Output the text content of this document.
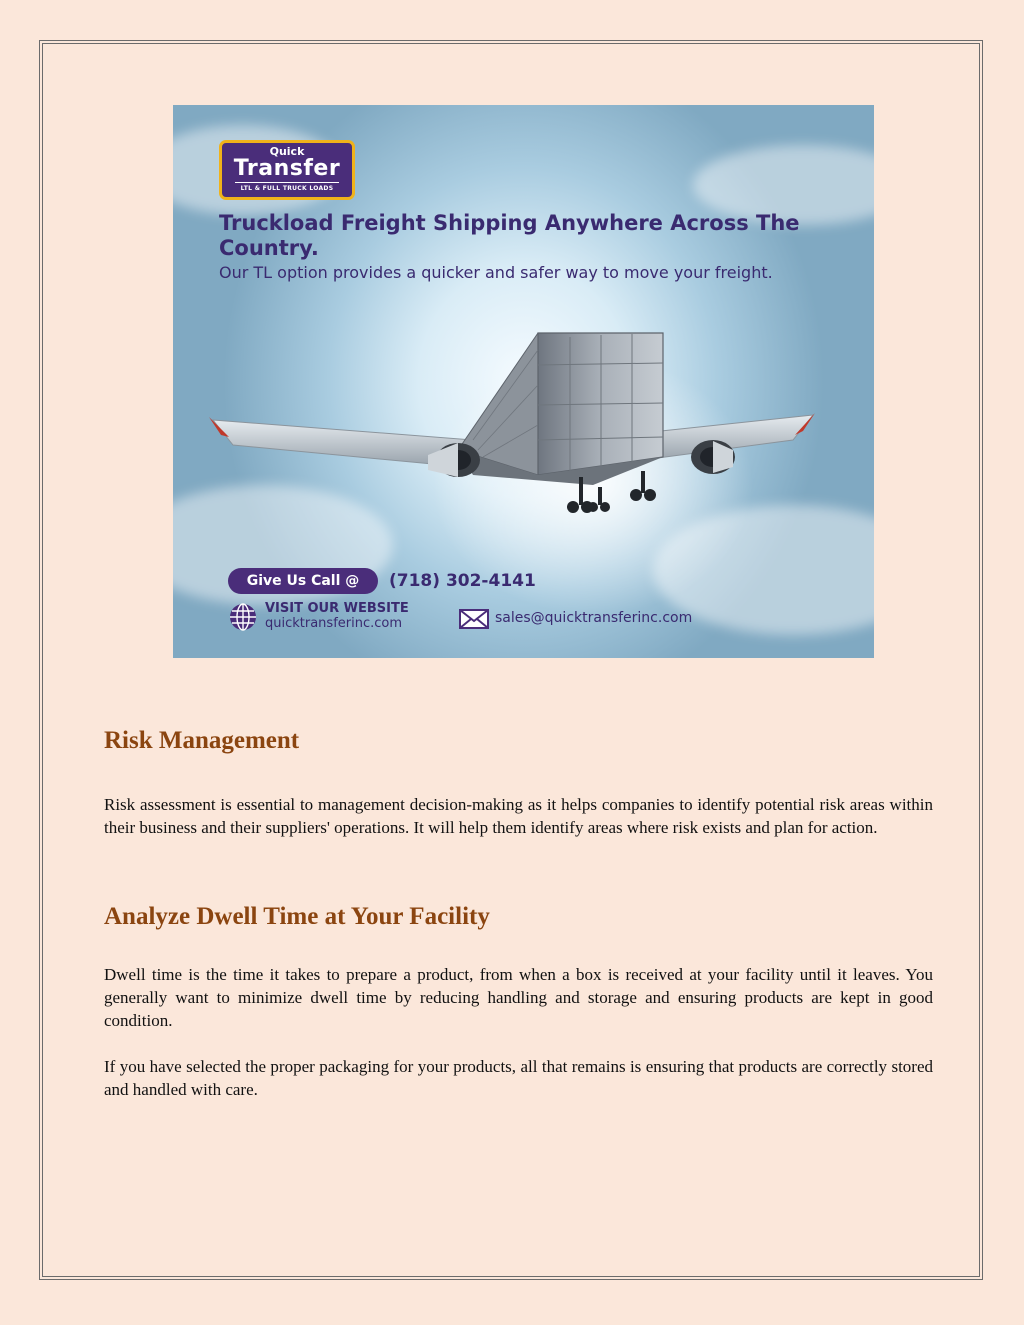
Quick
Transfer
LTL & FULL TRUCK LOADS
Truckload Freight Shipping Anywhere Across The Country.
Our TL option provides a quicker and safer way to move your freight.
Give Us Call @	(718) 302-4141
VISIT OUR WEBSITE
quicktransferinc.com	sales@quicktransferinc.com
Risk Management

Risk assessment is essential to management decision-making as it helps companies to identify potential risk areas within their business and their suppliers' operations. It will help them identify areas where risk exists and plan for action.

Analyze Dwell Time at Your Facility

Dwell time is the time it takes to prepare a product, from when a box is received at your facility until it leaves. You generally want to minimize dwell time by reducing handling and storage and ensuring products are kept in good condition.

If you have selected the proper packaging for your products, all that remains is ensuring that products are correctly stored and handled with care.
